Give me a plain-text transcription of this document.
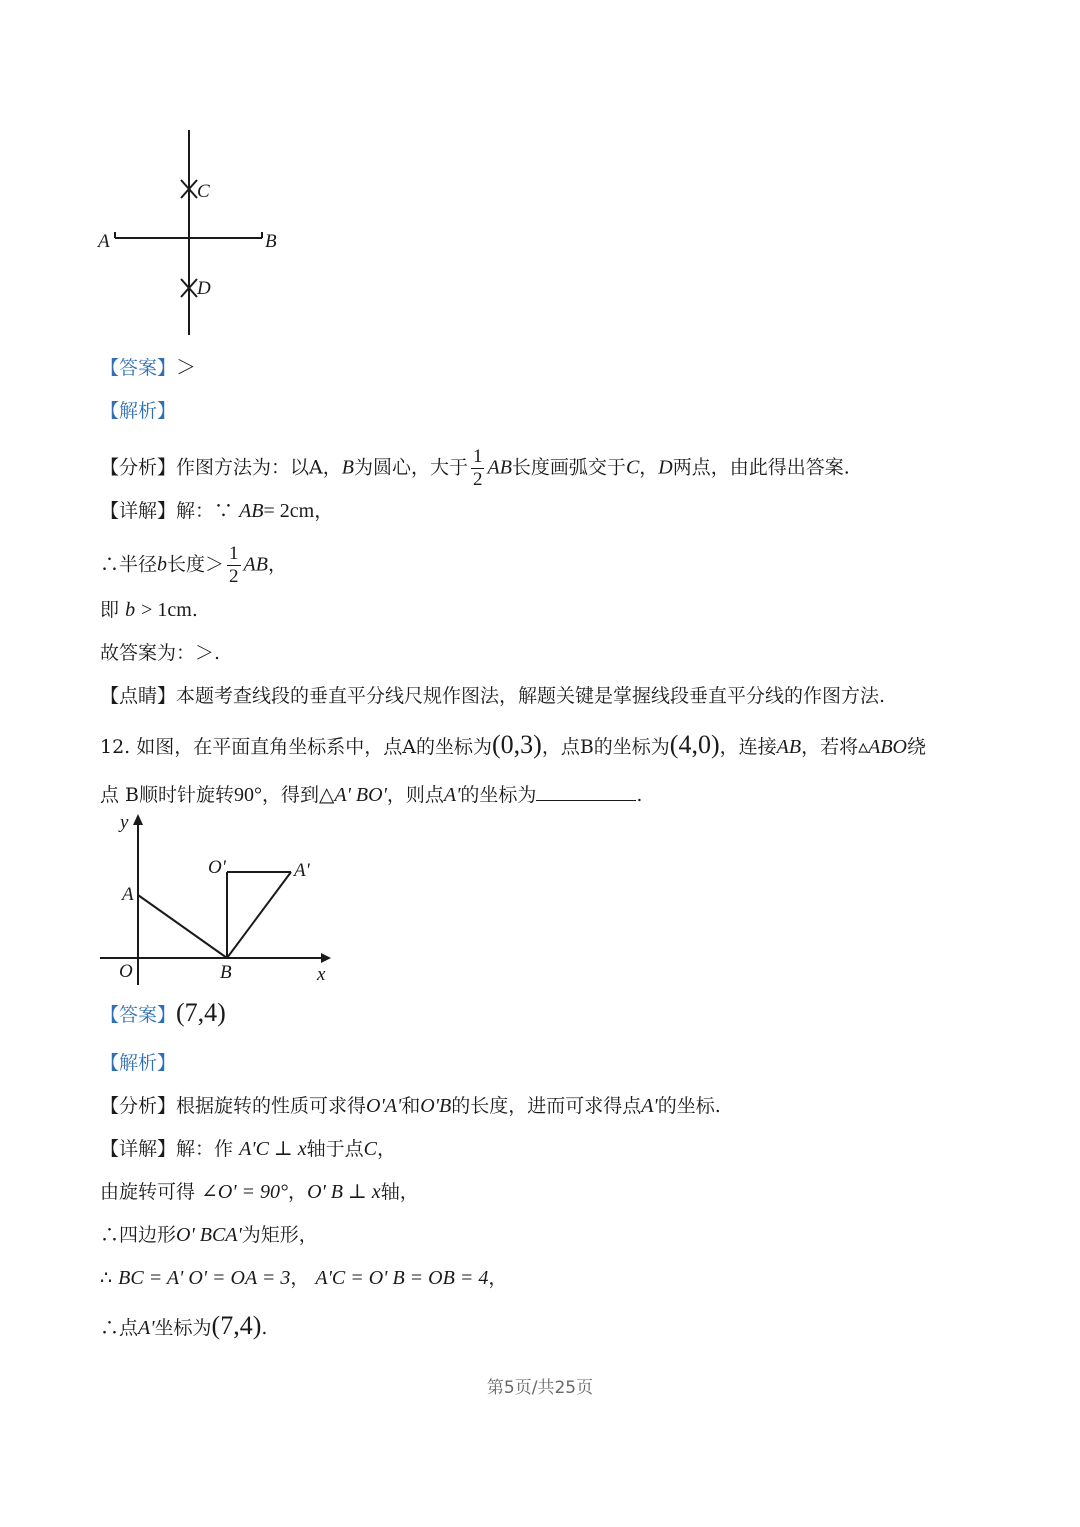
A	B
C
D
【答案】＞
【解析】
【分析】作图方法为：以A，B为圆心，大于 $\frac{1}{2}$ AB长度画弧交于C，D两点，由此得出答案.
【详解】解：∵ AB= 2cm，
∴半径b长度＞ $\frac{1}{2}$ AB，
即 b > 1cm.
故答案为：＞.
【点睛】本题考查线段的垂直平分线尺规作图法，解题关键是掌握线段垂直平分线的作图方法.
12. 如图，在平面直角坐标系中，点A的坐标为(0,3)，点B的坐标为(4,0)，连接AB，若将▵ABO绕
点 B顺时针旋转90°，得到△A' BO'，则点A'的坐标为	.
y
x
A
O	B
O'	A'
【答案】(7,4)
【解析】
【分析】根据旋转的性质可求得O'A'和O'B的长度，进而可求得点A'的坐标.
【详解】解：作 A'C ⊥ x轴于点C，
由旋转可得 ∠O' = 90°，O' B ⊥ x轴，
∴四边形O' BCA'为矩形，
∴ BC = A' O' = OA = 3， A'C = O' B = OB = 4，
∴点A'坐标为(7,4).
第5页/共25页
